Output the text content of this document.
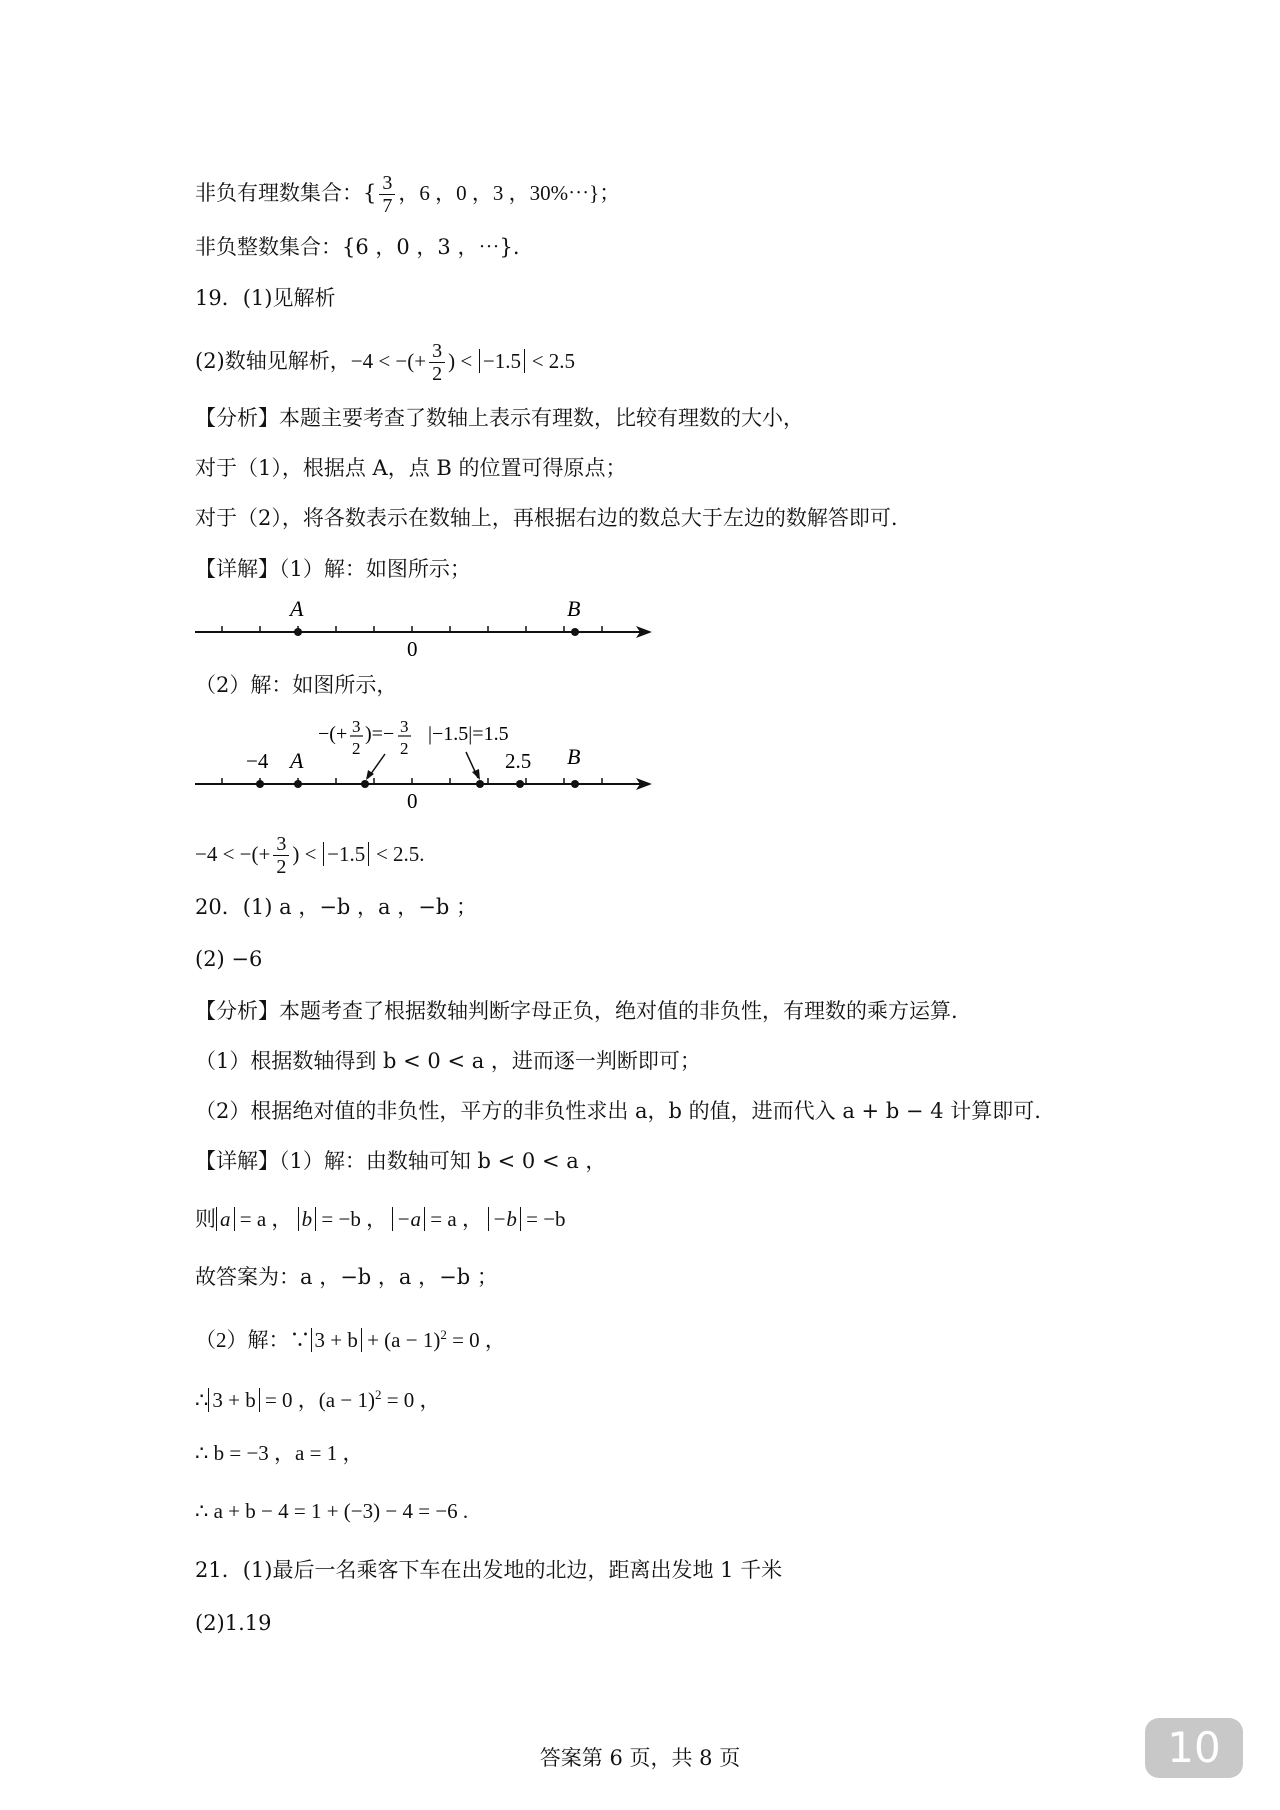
非负有理数集合：{ $\frac{3}{7}$ ，6 ，0 ，3 ，30%⋯}；
非负整数集合：{6 ，0 ，3 ，⋯}.
19．(1)见解析
(2)数轴见解析，−4 < −(+ $\frac{3}{2}$ ) < −1.5 < 2.5
【分析】本题主要考查了数轴上表示有理数，比较有理数的大小，
对于（1），根据点 A，点 B 的位置可得原点；
对于（2），将各数表示在数轴上，再根据右边的数总大于左边的数解答即可.
【详解】（1）解：如图所示；
A	B
0
（2）解：如图所示，
−4 A
−(+ 3
2
)=− 3
2
|−1.5|=1.5
2.5 B
0
−4 < −(+ $\frac{3}{2}$ ) < −1.5 < 2.5.
20．(1) a ，−b ，a ，−b ；
(2) −6
【分析】本题考查了根据数轴判断字母正负，绝对值的非负性，有理数的乘方运算.
（1）根据数轴得到 b < 0 < a ，进而逐一判断即可；
（2）根据绝对值的非负性，平方的非负性求出 a，b 的值，进而代入 a + b − 4 计算即可.
【详解】（1）解：由数轴可知 b < 0 < a ，
则 a = a ， b = −b ， −a = a ， −b = −b
故答案为：a ，−b ，a ，−b ；
（2）解：∵ $3 + b + (a - 1)^2 = 0$ ，
∴ 3 + b = 0 ，$(a - 1)^2 = 0$ ，
∴ b = −3 ，a = 1 ，
∴ a + b − 4 = 1 + (−3) − 4 = −6 .
21．(1)最后一名乘客下车在出发地的北边，距离出发地 1 千米
(2)1.19
答案第 6 页，共 8 页	10
